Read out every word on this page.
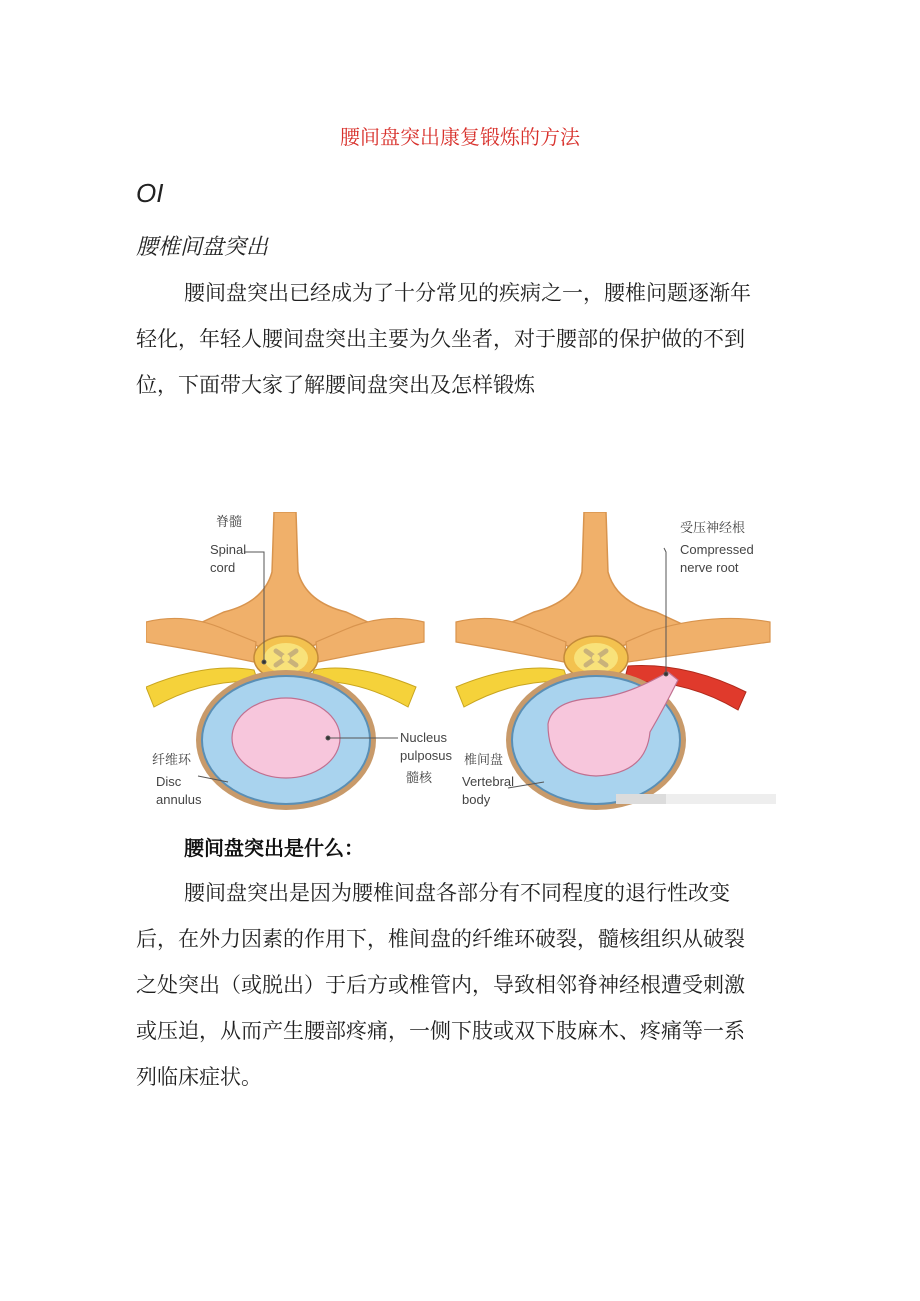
腰间盘突出康复锻炼的方法
OI
腰椎间盘突出
腰间盘突出已经成为了十分常见的疾病之一，腰椎问题逐渐年
轻化，年轻人腰间盘突出主要为久坐者，对于腰部的保护做的不到
位，下面带大家了解腰间盘突出及怎样锻炼
脊髓
Spinal
cord
纤维环
Disc
annulus
Nucleus
pulposus
髓核
受压神经根
Compressed
nerve root
椎间盘
Vertebral
body
腰间盘突出是什么：
腰间盘突出是因为腰椎间盘各部分有不同程度的退行性改变
后，在外力因素的作用下，椎间盘的纤维环破裂，髓核组织从破裂
之处突出（或脱出）于后方或椎管内，导致相邻脊神经根遭受刺激
或压迫，从而产生腰部疼痛，一侧下肢或双下肢麻木、疼痛等一系
列临床症状。
